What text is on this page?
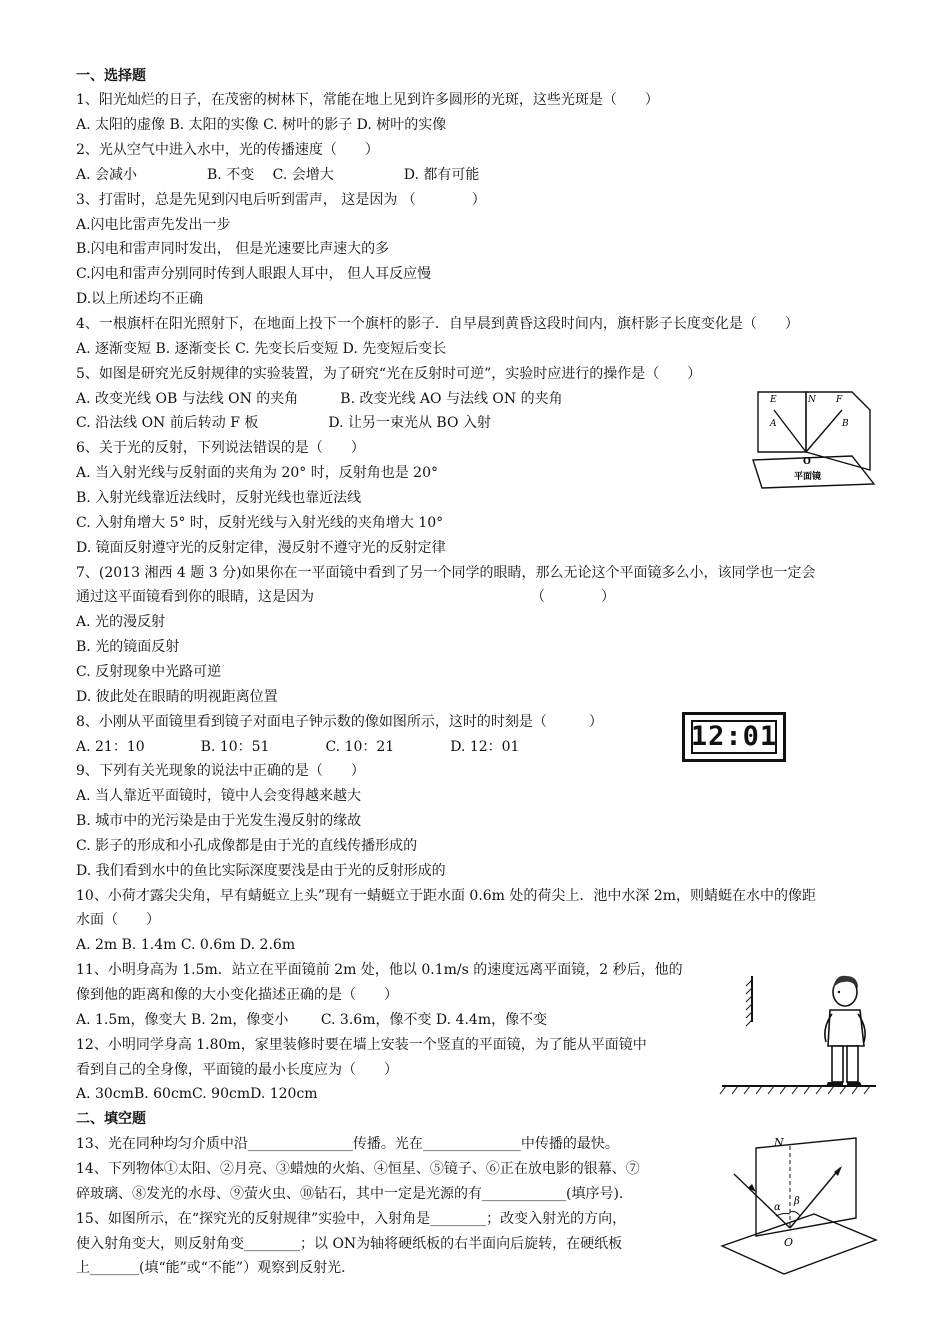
一、选择题
1、阳光灿烂的日子，在茂密的树林下，常能在地上见到许多圆形的光斑，这些光斑是（　　）
A. 太阳的虚像 B. 太阳的实像 C. 树叶的影子 D. 树叶的实像
2、光从空气中进入水中，光的传播速度（　　）
A. 会减小　　　　　B. 不变　 C. 会增大　　　　　D. 都有可能
3、打雷时，总是先见到闪电后听到雷声， 这是因为 （　　　　）
A.闪电比雷声先发出一步
B.闪电和雷声同时发出， 但是光速要比声速大的多
C.闪电和雷声分别同时传到人眼跟人耳中， 但人耳反应慢
D.以上所述均不正确
4、一根旗杆在阳光照射下，在地面上投下一个旗杆的影子．自早晨到黄昏这段时间内，旗杆影子长度变化是（　　）
A. 逐渐变短 B. 逐渐变长 C. 先变长后变短 D. 先变短后变长
5、如图是研究光反射规律的实验装置，为了研究“光在反射时可逆”，实验时应进行的操作是（　　）
A. 改变光线 OB 与法线 ON 的夹角　　　B. 改变光线 AO 与法线 ON 的夹角
C. 沿法线 ON 前后转动 F 板　　　　　D. 让另一束光从 BO 入射
E	N F
A	B
O
平面镜
6、关于光的反射，下列说法错误的是（　　）
A. 当入射光线与反射面的夹角为 20° 时，反射角也是 20°
B. 入射光线靠近法线时，反射光线也靠近法线
C. 入射角增大 5° 时，反射光线与入射光线的夹角增大 10°
D. 镜面反射遵守光的反射定律，漫反射不遵守光的反射定律
7、(2013 湘西 4 题 3 分)如果你在一平面镜中看到了另一个同学的眼睛，那么无论这个平面镜多么小，该同学也一定会
通过这平面镜看到你的眼睛，这是因为　　　　　　　　　　　　　　　　（　　　　）
A. 光的漫反射
B. 光的镜面反射
C. 反射现象中光路可逆
D. 彼此处在眼睛的明视距离位置
8、小刚从平面镜里看到镜子对面电子钟示数的像如图所示，这时的时刻是（　　　）
A. 21：10　　　　B. 10：51　　　　C. 10：21　　　　D. 12：01	12:01
9、下列有关光现象的说法中正确的是（　　）
A. 当人靠近平面镜时，镜中人会变得越来越大
B. 城市中的光污染是由于光发生漫反射的缘故
C. 影子的形成和小孔成像都是由于光的直线传播形成的
D. 我们看到水中的鱼比实际深度要浅是由于光的反射形成的
10、小荷才露尖尖角，早有蜻蜓立上头”现有一蜻蜓立于距水面 0.6m 处的荷尖上．池中水深 2m，则蜻蜓在水中的像距
水面（　　）
A. 2m B. 1.4m C. 0.6m D. 2.6m
11、小明身高为 1.5m．站立在平面镜前 2m 处，他以 0.1m/s 的速度远离平面镜，2 秒后，他的
像到他的距离和像的大小变化描述正确的是（　　）
A. 1.5m，像变大 B. 2m，像变小　　 C. 3.6m，像不变 D. 4.4m，像不变
12、小明同学身高 1.80m，家里装修时要在墙上安装一个竖直的平面镜，为了能从平面镜中
看到自己的全身像，平面镜的最小长度应为（　　）
A. 30cmB. 60cmC. 90cmD. 120cm
二、填空题
13、光在同种均匀介质中沿_______________传播。光在______________中传播的最快。
14、下列物体①太阳、②月亮、③蜡烛的火焰、④恒星、⑤镜子、⑥正在放电影的银幕、⑦
碎玻璃、⑧发光的水母、⑨萤火虫、⑩钻石，其中一定是光源的有____________(填序号).
15、如图所示，在“探究光的反射规律”实验中，入射角是________；改变入射光的方向，
使入射角变大，则反射角变________；以 ON为轴将硬纸板的右半面向后旋转，在硬纸板
上_______(填“能”或“不能”）观察到反射光.
N
O
α
β
